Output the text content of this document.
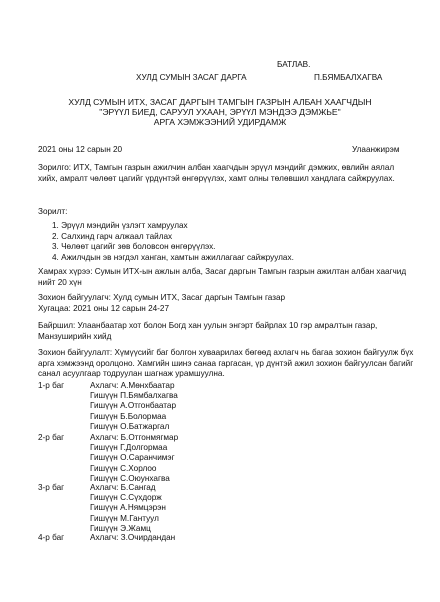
БАТЛАВ.
ХУЛД СУМЫН ЗАСАГ ДАРГА	П.БЯМБАЛХАГВА
ХУЛД СУМЫН ИТХ, ЗАСАГ ДАРГЫН ТАМГЫН ГАЗРЫН АЛБАН ХААГЧДЫН
"ЭРҮҮЛ БИЕД, САРУУЛ УХААН, ЭРҮҮЛ МЭНДЭЭ ДЭМЖЬЕ"
АРГА ХЭМЖЭЭНИЙ УДИРДАМЖ
2021 оны 12 сарын 20	Улаанжирэм
Зорилго: ИТХ, Тамгын газрын ажилчин албан хаагчдын эрүүл мэндийг дэмжих, өвлийн аялал хийх, амралт чөлөөт цагийг үрдүнтэй өнгөрүүлэх, хамт олны төлөвшил хандлага сайжруулах.
Зорилт:
1. Эрүүл мэндийн үзлэгт хамруулах
2. Салхинд гарч алжаал тайлах
3. Чөлөөт цагийг зөв боловсон өнгөрүүлэх.
4. Ажилчдын эв нэгдэл ханган, хамтын ажиллагааг сайжруулах.
Хамрах хүрээ: Сумын ИТХ-ын ажлын алба, Засаг даргын Тамгын газрын ажилтан албан хаагчид нийт 20 хүн
Зохион байгуулагч: Хулд сумын ИТХ, Засаг даргын Тамгын газар
Хугацаа: 2021 оны 12 сарын 24-27
Байршил: Улаанбаатар хот болон Богд хан уулын энгэрт байрлах 10 гэр амралтын газар, Манзуширийн хийд
Зохион байгуулалт: Хүмүүсийг баг болгон хуваарилах бөгөөд ахлагч нь багаа зохион байгуулж бүх арга хэмжээнд оролцоно. Хамгийн шинэ санаа гаргасан, үр дүнтэй ажил зохион байгуулсан багийг санал асуулгаар тодруулан шагнаж урамшуулна.
1-р баг	Ахлагч: А.Мөнхбаатар
Гишүүн П.Бямбалхагва
Гишүүн А.Отгонбаатар
Гишүүн Б.Болормаа
Гишүүн О.Батжаргал
2-р баг	Ахлагч: Б.Отгонмягмар
Гишүүн Г.Долгормаа
Гишүүн О.Саранчимэг
Гишүүн С.Хорлоо
Гишүүн С.Оюунхагва
3-р баг	Ахлагч: Б.Сангад
Гишүүн С.Сүхдорж
Гишүүн А.Нямцэрэн
Гишүүн М.Гантуул
Гишүүн Э.Жамц
4-р баг	Ахлагч: З.Очирдандан
